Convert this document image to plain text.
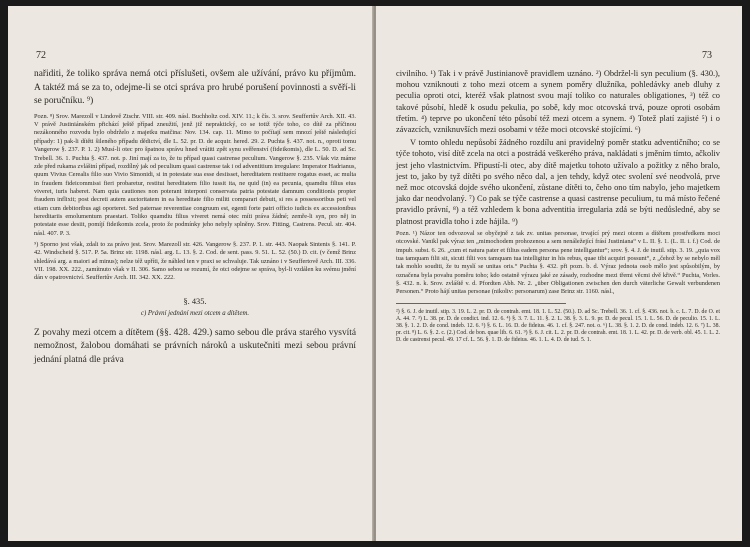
72

nařiditi, že toliko správa nemá otci příslušeti, ovšem ale užívání, právo ku příjmům. A taktéž má se za to, odejme-li se otci správa pro hrubé porušení povinnosti a svěří-li se poručníku. ⁹)

Pozn. ⁸) Srov. Marezoll v Lindově Ztschr. VIII. str. 409. násl. Buchholtz cod. XIV. 11.; k čís. 3. srov. Seuffertův Arch. XII. 43. V právě Justiniánském přichází ještě případ zneužití, jenž již nepraktický, co se totiž týče toho, co dítě za příčinou nezákonného rozvodu bylo obdrželo z majetku matčina: Nov. 134. cap. 11. Mimo to počítají sem mnozí ještě následující případy: 1) pak-li dítěti šileného případu dědictví, dle L. 52. pr. D. de acquir. hered. 29. 2. Puchta §. 437. not. n., oproti tomu Vangerow §. 237. P. 1. 2) Musí-li otec pro špatnou správu hned vrátiti zpět synu svěřenství (fideikomis), dle L. 50. D. ad Sc. Trebell. 36. 1. Puchta §. 437. not. p. Jiní mají za to, že tu případ quasi castrense peculium. Vangerow §. 235. Však viz máme zde před rukama zvláštní případ, rozdílný jak od peculium quasi castrense tak i od adventitium irregulare: Imperator Hadrianus, quum Vivius Cerealis filio suo Vivio Simonidi, si in potestate sua esse desiisset, hereditatem restituere rogatus esset, ac multa in fraudem fideicommissi fieri probaretur, restitui hereditatem filio iussit ita, ne quid (in) ea pecunia, quamdiu filius eius viveret, iuris haberet. Nam quia cautiones non poterant interponi conservata patria potestate damnum conditionis propter fraudem inflixit; post decreti autem auctoritatem in ea hereditate filio militi comparari debuit, si res a possessoribus peti vel etiam cum debitoribus agi oporteret. Sed paternae reverentiae congruum est, egenti forte patri officio iudicis ex accessionibus hereditariis emolumentum praestari. Toliko quamdiu filius viveret nemá otec míti práva žádné; zemře-li syn, pro něj in potestate esse desiit, pomíjí fideikomis zcela, proto že podmínky jeho nebyly splněny. Srov. Fitting, Castrens. Pecul. str. 404. násl. 407. P. 3.

⁹) Sporno jest však, zdali to za právo jest. Srov. Marezoll str. 426. Vangerow §. 237. P. 1. str. 443. Naopak Sintenis §. 141. P. 42. Windscheid §. 517. P. 5a. Brinz str. 1198. násl. arg. L. 13. §. 2. Cod. de sent. pass. 9. 51. L. 52. (50.) D. cit. (v čemž Brinz shledává arg. a maiori ad minus); nelze též upříti, že náhled ten v praxi se schvaluje. Tak uznáno i v Seuffertově Arch. III. 336. VII. 198. XX. 222., zamítnuto však v II. 306. Samo sebou se rozumí, že otci odejme se správa, byl-li vzdálen ku svému jmění dán v opatrovnictví. Seuffertův Arch. III. 342. XX. 222.

§. 435.
c) Právní jednání mezi otcem a dítětem.

Z povahy mezi otcem a dítětem (§§. 428. 429.) samo sebou dle práva starého vysvítá nemožnost, žalobou domáhati se právních nároků a uskutečniti mezi sebou právní jednání platná dle práva

73

civilního. ¹) Tak i v právě Justinianově pravidlem uznáno. ²) Obdržel-li syn peculium (§. 430.), mohou vzniknouti z toho mezi otcem a synem poměry dlužníka, pohledávky aneb dluhy z peculia oproti otci, kteréž však platnost svou mají toliko co naturales obligationes, ³) též co takové působí, hledě k osudu pekulia, po sobě, kdy moc otcovská trvá, pouze oproti osobám třetím. ⁴) teprve po ukončení této působí též mezi otcem a synem. ⁴) Totež platí zajisté ⁵) i o závazcích, vzniknuvších mezi osobami v téže moci otcovské stojícími. ⁶)

V tomto ohledu nepůsobí žádného rozdílu ani pravidelný poměr statku adventičního; co se týče tohoto, visí dítě zcela na otci a postrádá veškerého práva, nakládati s jměním tímto, ačkoliv jest jeho vlastnictvím. Připustí-li otec, aby dítě majetku tohoto užívalo a požitky z něho bralo, jest to, jako by tyž dítěti po svého něco dal, a jen tehdy, když otec svolení své neodvolá, prve než moc otcovská dojde svého ukončení, zůstane dítěti to, čeho ono tím nabylo, jeho majetkem jako dar neodvolaný. ⁷) Co pak se týče castrense a quasi castrense peculium, tu má místo řečené pravidlo právní, ⁸) a též vzhledem k bona adventitia irregularia zdá se býti nedůsledné, aby se platnost pravidla toho i zde hájila. ⁹)

Pozn. ¹) Názor ten odvozoval se obyčejně z tak zv. unitas personae, trvající prý mezi otcem a dítětem prostředkem moci otcovské. Vanikl pak výraz ten „mimochodem prohozenou a sem nenáležející frásí Justiniana“ v L. II. §. 1. (L. II. i. f.) Cod. de impub. subst. 6. 26. „cum et natura pater et filius eadem persona pene intelligantur“; srov. §. 4. J. de inutil. stip. 3. 19. „quia vox tua tamquam filii sit, sicuti filii vox tamquam tua intelligitur in his rebus, quae tibi acquiri possunt“, z „čehož by se nebylo měl tak mohlo souditi, že tu myslí se unitas oris.“ Puchta §. 432. při pozn. b. d. Výraz jednota osob mělo jest spůsobilým, by označena byla povahu poměru toho; kdo ostatně výrazu jaké ze zásady, rozhodne mezi třemi věcmi dvě křivě.“ Puchta, Vorles. §. 432. n. k. Srov. zvláště v. d. Pfordten Abh. Nr. 2. „über Obligationen zwischen den durch väterliche Gewalt verbundenen Personen.“ Proto hájí unitas personae (nikoliv: personarum) zase Brinz str. 1160. násl.,

²) §. 6. J. de inutil. stip. 3. 19. L. 2. pr. D. de contrah. emt. 18. 1. L. 52. (50.). D. ad Sc. Trebell. 36. 1. cf. §. 436. not. b. c. L. 7. D. de O. et A. 44. 7. ³) L. 38. pr. D. de condict. ind. 12. 6. ⁴) §. 3. 7. L. 11. §. 2. L. 38. §. 3. L. 9. pr. D. de pecul. 15. 1. L. 56. D. de peculio. 15. 1. L. 38. §. 1. 2. D. de cond. indeb. 12. 6. ⁵) §. 6. L. 16. D. de fideius. 46. 1. cf. §. 247. not. o. ⁶) L. 38. §. 1. 2. D. de cond. indeb. 12. 6. ⁷) L. 38. pr. cit. ⁸) L. 6. §. 2. c. (2.) Cod. de bon. quae lib. 6. 61. ⁹) §. 6. J. cit. L. 2. pr. D. de contrah. emt. 18. 1. L. 42. pr. D. de verb. obl. 45. 1. L. 2. D. de castrensi pecul. 49. 17 cf. L. 56. §. 1. D. de fideius. 46. 1. L. 4. D. de iud. 5. 1.
